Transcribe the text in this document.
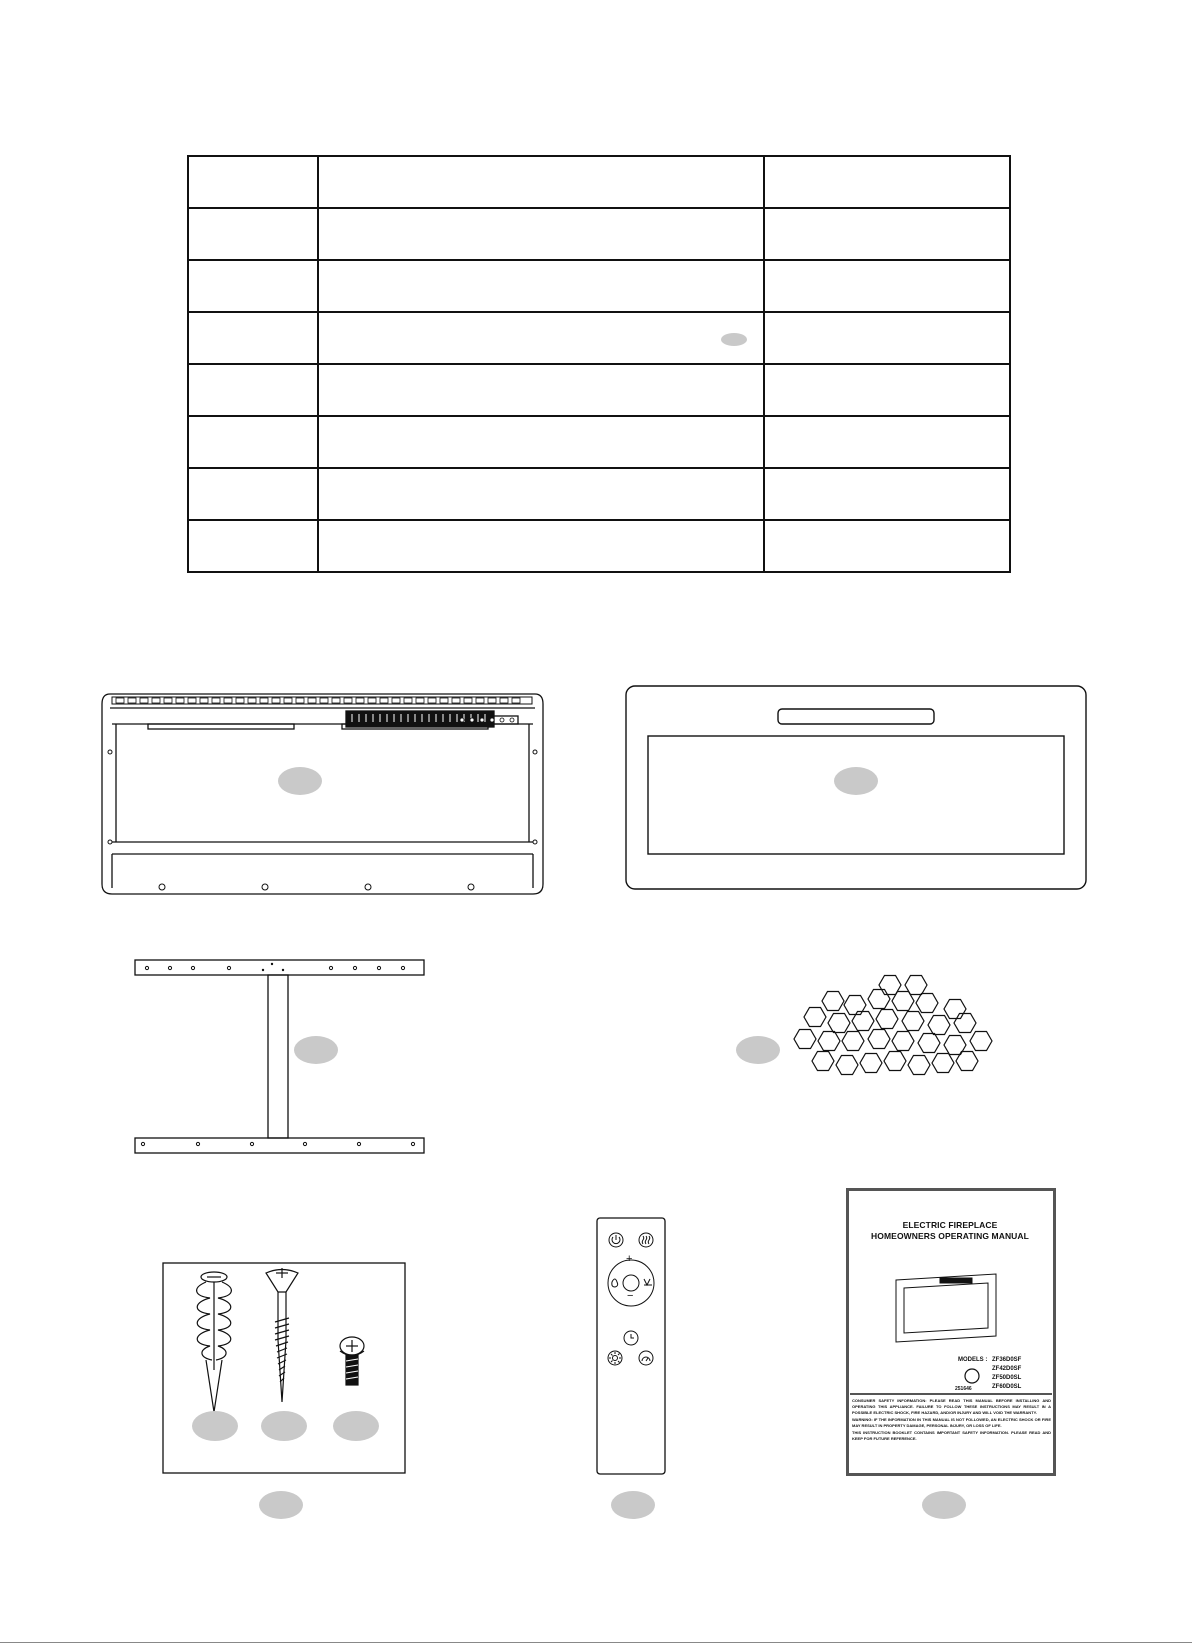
+
−
ELECTRIC FIREPLACE
HOMEOWNERS OPERATING MANUAL
MODELS : ZF36D0SF
ZF42D0SF
ZF50D0SL
ZF60D0SL
251646

CONSUMER SAFETY INFORMATION: PLEASE READ THIS MANUAL BEFORE INSTALLING AND OPERATING THIS APPLIANCE. FAILURE TO FOLLOW THESE INSTRUCTIONS MAY RESULT IN A POSSIBLE ELECTRIC SHOCK, FIRE HAZARD, AND/OR INJURY AND WILL VOID THE WARRANTY.

WARNING: IF THE INFORMATION IN THIS MANUAL IS NOT FOLLOWED, AN ELECTRIC SHOCK OR FIRE MAY RESULT IN PROPERTY DAMAGE, PERSONAL INJURY, OR LOSS OF LIFE.

THIS INSTRUCTION BOOKLET CONTAINS IMPORTANT SAFETY INFORMATION. PLEASE READ AND KEEP FOR FUTURE REFERENCE.
